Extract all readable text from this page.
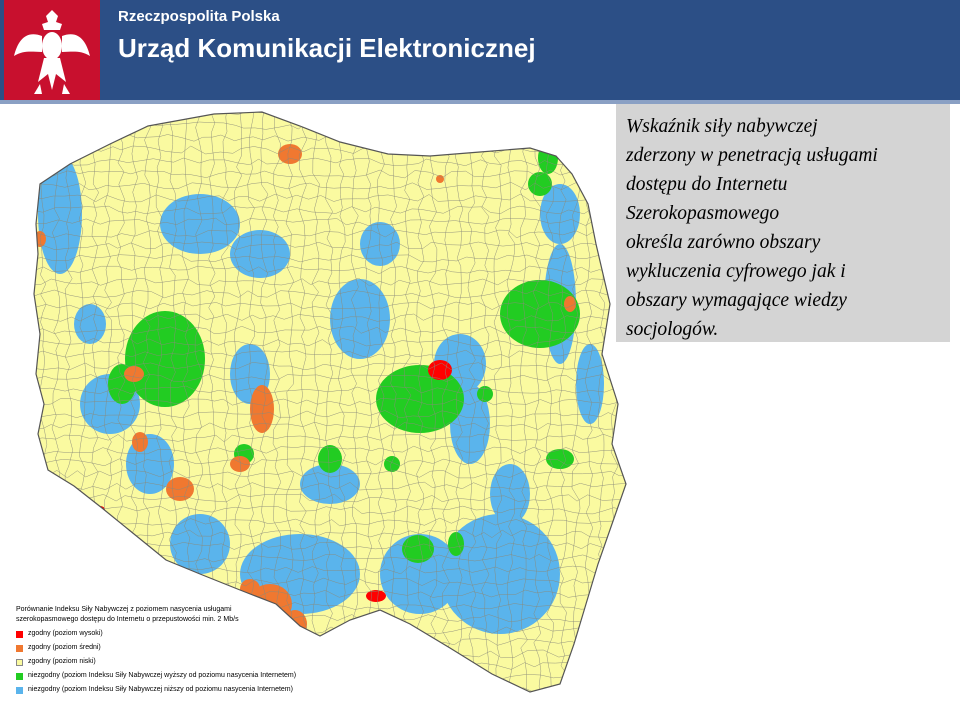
Rzeczpospolita Polska
Urząd Komunikacji Elektronicznej

Wskaźnik siły nabywczej

zderzony w penetracją usługami

dostępu do Internetu

Szerokopasmowego

określa zarówno obszary

wykluczenia cyfrowego jak i

obszary wymagające wiedzy

socjologów.

Porównanie Indeksu Siły Nabywczej z poziomem nasycenia usługami
szerokopasmowego dostępu do Internetu o przepustowości min. 2 Mb/s
zgodny (poziom wysoki)
zgodny (poziom średni)
zgodny (poziom niski)
niezgodny (poziom Indeksu Siły Nabywczej wyższy od poziomu nasycenia Internetem)
niezgodny (poziom Indeksu Siły Nabywczej niższy od poziomu nasycenia Internetem)
